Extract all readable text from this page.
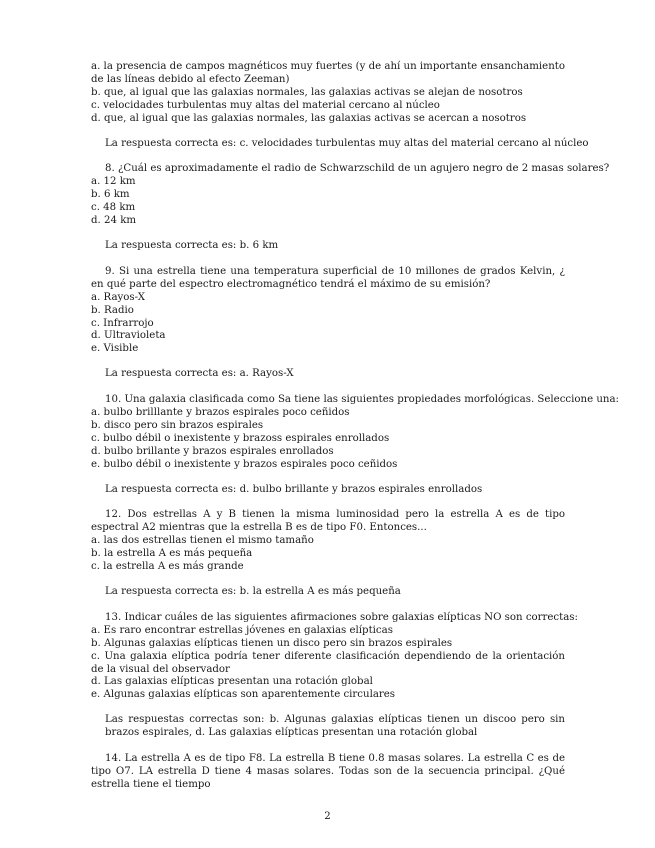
a. la presencia de campos magnéticos muy fuertes (y de ahí un importante ensanchamiento de las líneas debido al efecto Zeeman)
b. que, al igual que las galaxias normales, las galaxias activas se alejan de nosotros
c. velocidades turbulentas muy altas del material cercano al núcleo
d. que, al igual que las galaxias normales, las galaxias activas se acercan a nosotros
La respuesta correcta es: c. velocidades turbulentas muy altas del material cercano al núcleo
8. ¿Cuál es aproximadamente el radio de Schwarzschild de un agujero negro de 2 masas solares?
a. 12 km
b. 6 km
c. 48 km
d. 24 km
La respuesta correcta es: b. 6 km
9. Si una estrella tiene una temperatura superficial de 10 millones de grados Kelvin, ¿ en qué parte del espectro electromagnético tendrá el máximo de su emisión?
a. Rayos-X
b. Radio
c. Infrarrojo
d. Ultravioleta
e. Visible
La respuesta correcta es: a. Rayos-X
10. Una galaxia clasificada como Sa tiene las siguientes propiedades morfológicas. Seleccione una:
a. bulbo brilllante y brazos espirales poco ceñidos
b. disco pero sin brazos espirales
c. bulbo débil o inexistente y brazoss espirales enrollados
d. bulbo brillante y brazos espirales enrollados
e. bulbo débil o inexistente y brazos espirales poco ceñidos
La respuesta correcta es: d. bulbo brillante y brazos espirales enrollados
12. Dos estrellas A y B tienen la misma luminosidad pero la estrella A es de tipo espectral A2 mientras que la estrella B es de tipo F0. Entonces...
a. las dos estrellas tienen el mismo tamaño
b. la estrella A es más pequeña
c. la estrella A es más grande
La respuesta correcta es: b. la estrella A es más pequeña
13. Indicar cuáles de las siguientes afirmaciones sobre galaxias elípticas NO son correctas:
a. Es raro encontrar estrellas jóvenes en galaxias elípticas
b. Algunas galaxias elípticas tienen un disco pero sin brazos espirales
c. Una galaxia elíptica podría tener diferente clasificación dependiendo de la orientación de la visual del observador
d. Las galaxias elípticas presentan una rotación global
e. Algunas galaxias elípticas son aparentemente circulares
Las respuestas correctas son: b. Algunas galaxias elípticas tienen un discoo pero sin brazos espirales, d. Las galaxias elípticas presentan una rotación global
14. La estrella A es de tipo F8. La estrella B tiene 0.8 masas solares. La estrella C es de tipo O7. LA estrella D tiene 4 masas solares. Todas son de la secuencia principal. ¿Qué estrella tiene el tiempo
2
